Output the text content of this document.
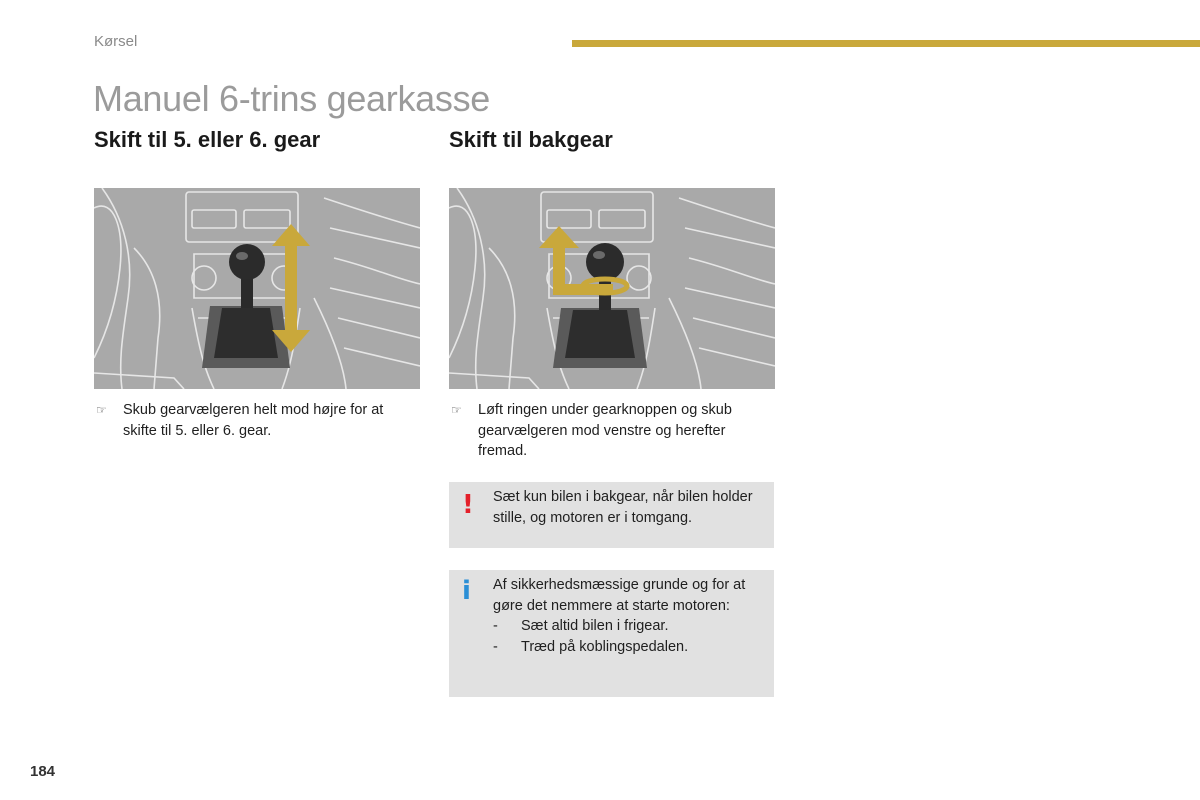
Kørsel
Manuel 6-trins gearkasse
Skift til 5. eller 6. gear	Skift til bakgear
☞ Skub gearvælgeren helt mod højre for at skifte til 5. eller 6. gear.
☞ Løft ringen under gearknoppen og skub gearvælgeren mod venstre og herefter fremad.
! Sæt kun bilen i bakgear, når bilen holder stille, og motoren er i tomgang.
i Af sikkerhedsmæssige grunde og for at gøre det nemmere at starte motoren:
- Sæt altid bilen i frigear.
- Træd på koblingspedalen.
184
